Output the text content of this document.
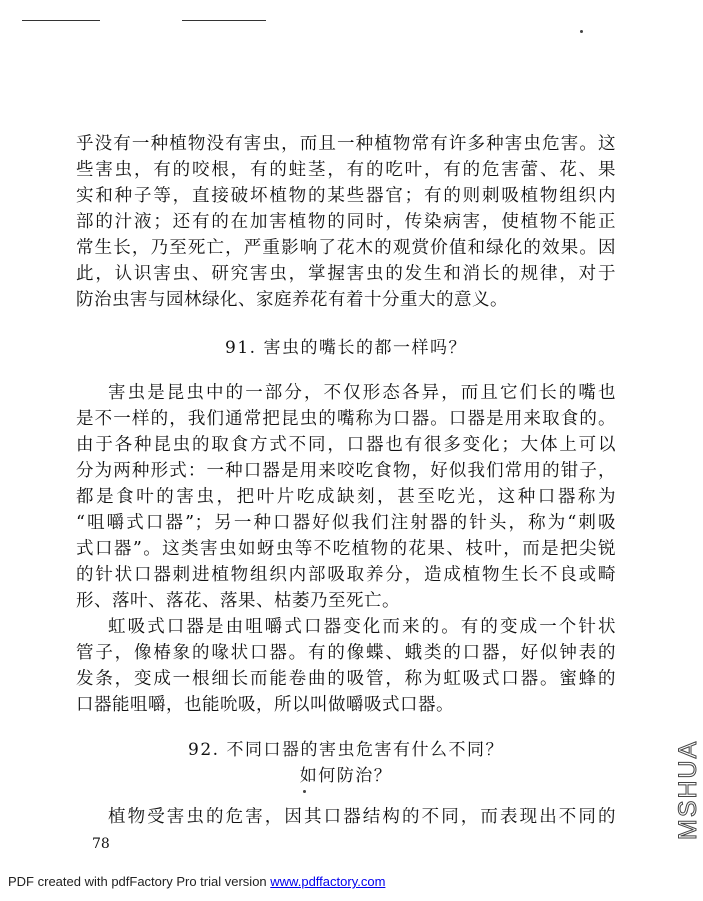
乎没有一种植物没有害虫，而且一种植物常有许多种害虫危害。这
些害虫，有的咬根，有的蛀茎，有的吃叶，有的危害蕾、花、果
实和种子等，直接破坏植物的某些器官；有的则刺吸植物组织内
部的汁液；还有的在加害植物的同时，传染病害，使植物不能正
常生长，乃至死亡，严重影响了花木的观赏价值和绿化的效果。因
此，认识害虫、研究害虫，掌握害虫的发生和消长的规律，对于
防治虫害与园林绿化、家庭养花有着十分重大的意义。
91. 害虫的嘴长的都一样吗？
害虫是昆虫中的一部分，不仅形态各异，而且它们长的嘴也
是不一样的，我们通常把昆虫的嘴称为口器。口器是用来取食的。
由于各种昆虫的取食方式不同，口器也有很多变化；大体上可以
分为两种形式：一种口器是用来咬吃食物，好似我们常用的钳子，
都是食叶的害虫，把叶片吃成缺刻，甚至吃光，这种口器称为
“咀嚼式口器”；另一种口器好似我们注射器的针头，称为“刺吸
式口器”。这类害虫如蚜虫等不吃植物的花果、枝叶，而是把尖锐
的针状口器刺进植物组织内部吸取养分，造成植物生长不良或畸
形、落叶、落花、落果、枯萎乃至死亡。
虹吸式口器是由咀嚼式口器变化而来的。有的变成一个针状
管子，像椿象的喙状口器。有的像蝶、蛾类的口器，好似钟表的
发条，变成一根细长而能卷曲的吸管，称为虹吸式口器。蜜蜂的
口器能咀嚼，也能吮吸，所以叫做嚼吸式口器。
92. 不同口器的害虫危害有什么不同？
如何防治？
植物受害虫的危害，因其口器结构的不同，而表现出不同的
78
PDF created with pdfFactory Pro trial version www.pdffactory.com
MSHUA
